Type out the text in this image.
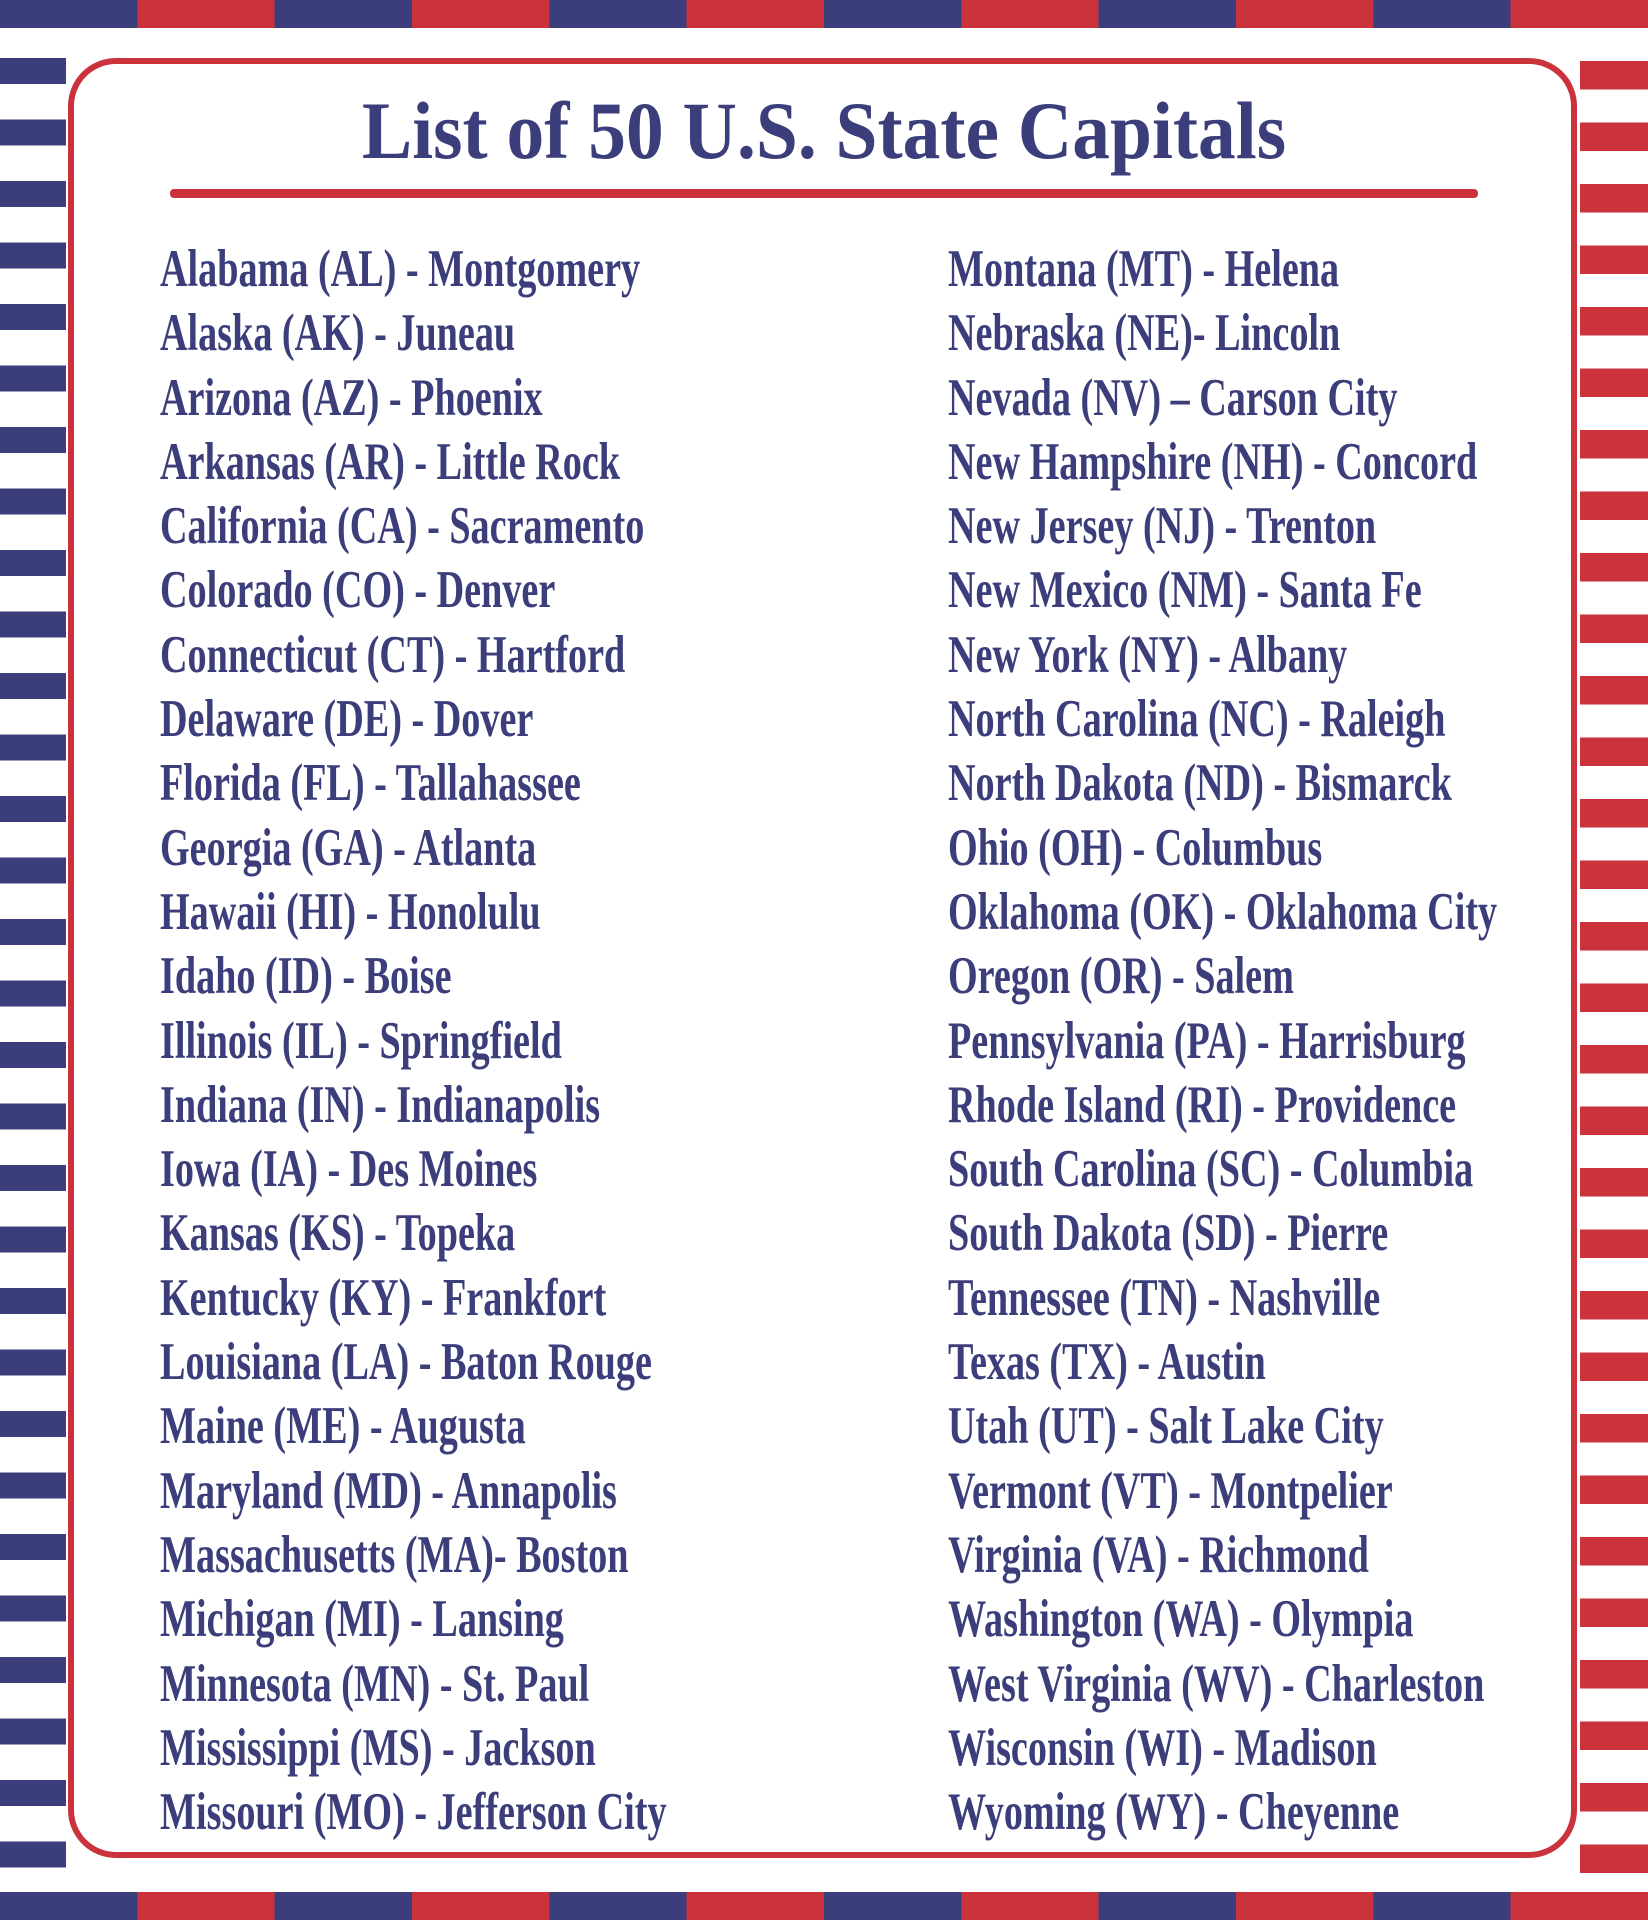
List of 50 U.S. State Capitals
Alabama (AL) - Montgomery
Alaska (AK) - Juneau
Arizona (AZ) - Phoenix
Arkansas (AR) - Little Rock
California (CA) - Sacramento
Colorado (CO) - Denver
Connecticut (CT) - Hartford
Delaware (DE) - Dover
Florida (FL) - Tallahassee
Georgia (GA) - Atlanta
Hawaii (HI) - Honolulu
Idaho (ID) - Boise
Illinois (IL) - Springfield
Indiana (IN) - Indianapolis
Iowa (IA) - Des Moines
Kansas (KS) - Topeka
Kentucky (KY) - Frankfort
Louisiana (LA) - Baton Rouge
Maine (ME) - Augusta
Maryland (MD) - Annapolis
Massachusetts (MA)- Boston
Michigan (MI) - Lansing
Minnesota (MN) - St. Paul
Mississippi (MS) - Jackson
Missouri (MO) - Jefferson City
Montana (MT) - Helena
Nebraska (NE)- Lincoln
Nevada (NV) – Carson City
New Hampshire (NH) - Concord
New Jersey (NJ) - Trenton
New Mexico (NM) - Santa Fe
New York (NY) - Albany
North Carolina (NC) - Raleigh
North Dakota (ND) - Bismarck
Ohio (OH) - Columbus
Oklahoma (OK) - Oklahoma City
Oregon (OR) - Salem
Pennsylvania (PA) - Harrisburg
Rhode Island (RI) - Providence
South Carolina (SC) - Columbia
South Dakota (SD) - Pierre
Tennessee (TN) - Nashville
Texas (TX) - Austin
Utah (UT) - Salt Lake City
Vermont (VT) - Montpelier
Virginia (VA) - Richmond
Washington (WA) - Olympia
West Virginia (WV) - Charleston
Wisconsin (WI) - Madison
Wyoming (WY) - Cheyenne
